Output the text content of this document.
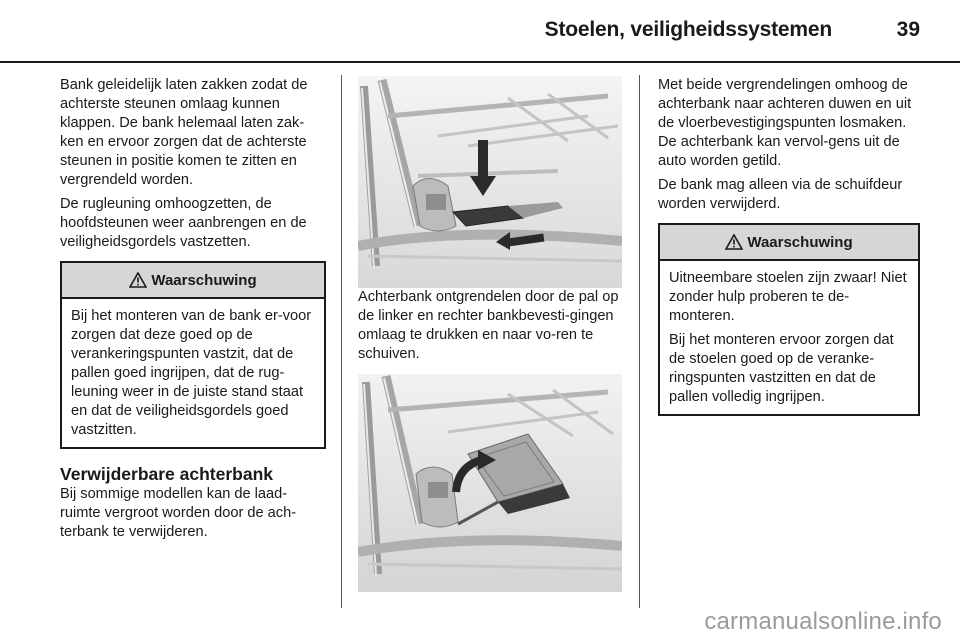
Stoelen, veiligheidssystemen	39

Bank geleidelijk laten zakken zodat de achterste steunen omlaag kunnen klappen. De bank helemaal laten zak-ken en ervoor zorgen dat de achterste steunen in positie komen te zitten en vergrendeld worden.

De rugleuning omhoogzetten, de hoofdsteunen weer aanbrengen en de veiligheidsgordels vastzetten.

Waarschuwing

Bij het monteren van de bank er-voor zorgen dat deze goed op de verankeringspunten vastzit, dat de pallen goed ingrijpen, dat de rug-leuning weer in de juiste stand staat en dat de veiligheidsgordels goed vastzitten.

Verwijderbare achterbank

Bij sommige modellen kan de laad-ruimte vergroot worden door de ach-terbank te verwijderen.

Achterbank ontgrendelen door de pal op de linker en rechter bankbevesti-gingen omlaag te drukken en naar vo-ren te schuiven.

Met beide vergrendelingen omhoog de achterbank naar achteren duwen en uit de vloerbevestigingspunten losmaken. De achterbank kan vervol-gens uit de auto worden getild.

De bank mag alleen via de schuifdeur worden verwijderd.

Waarschuwing

Uitneembare stoelen zijn zwaar! Niet zonder hulp proberen te de-monteren.

Bij het monteren ervoor zorgen dat de stoelen goed op de veranke-ringspunten vastzitten en dat de pallen volledig ingrijpen.

carmanualsonline.info
